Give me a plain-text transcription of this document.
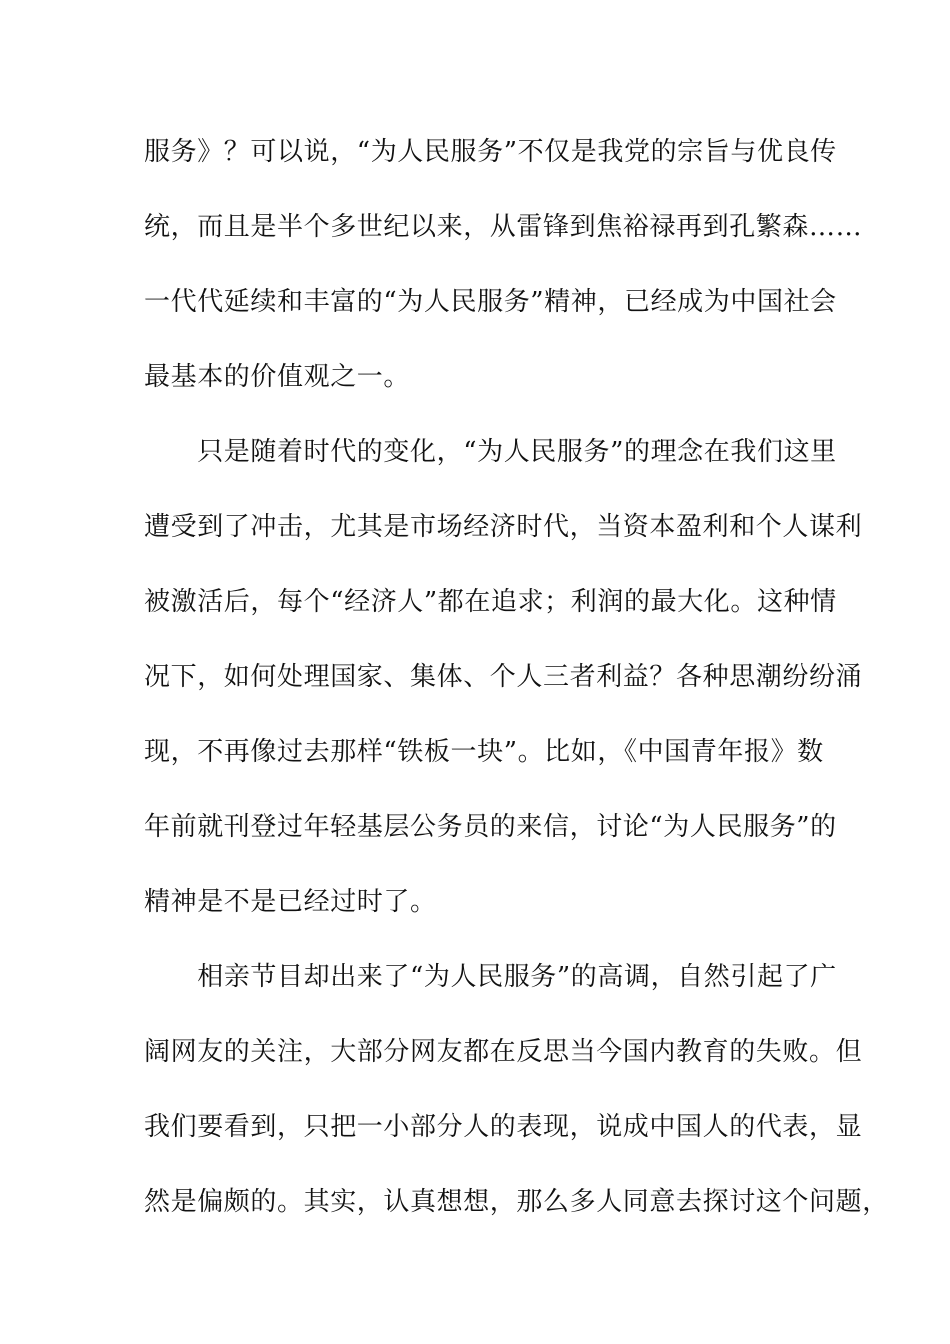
服务》？可以说，“为人民服务”不仅是我党的宗旨与优良传
统，而且是半个多世纪以来，从雷锋到焦裕禄再到孔繁森……
一代代延续和丰富的“为人民服务”精神，已经成为中国社会
最基本的价值观之一。
　　只是随着时代的变化，“为人民服务”的理念在我们这里
遭受到了冲击，尤其是市场经济时代，当资本盈利和个人谋利
被激活后，每个“经济人”都在追求；利润的最大化。这种情
况下，如何处理国家、集体、个人三者利益？各种思潮纷纷涌
现，不再像过去那样“铁板一块”。比如，《中国青年报》数
年前就刊登过年轻基层公务员的来信，讨论“为人民服务”的
精神是不是已经过时了。
　　相亲节目却出来了“为人民服务”的高调，自然引起了广
阔网友的关注，大部分网友都在反思当今国内教育的失败。但
我们要看到，只把一小部分人的表现，说成中国人的代表，显
然是偏颇的。其实，认真想想，那么多人同意去探讨这个问题，
